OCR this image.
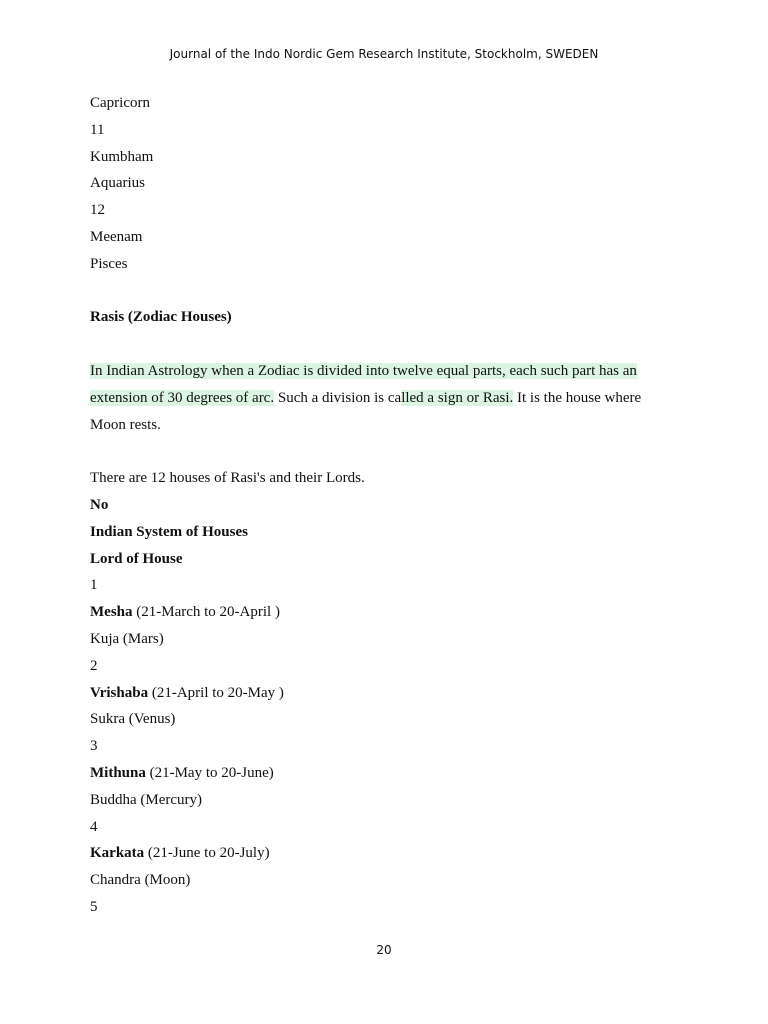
Journal of the Indo Nordic Gem Research Institute, Stockholm, SWEDEN
Capricorn
11
Kumbham
Aquarius
12
Meenam
Pisces
Rasis (Zodiac Houses)
In Indian Astrology when a Zodiac is divided into twelve equal parts, each such part has an extension of 30 degrees of arc. Such a division is called a sign or Rasi. It is the house where Moon rests.
There are 12 houses of Rasi's and their Lords.
No
Indian System of Houses
Lord of House
1
Mesha (21-March to 20-April )
Kuja (Mars)
2
Vrishaba (21-April to 20-May )
Sukra (Venus)
3
Mithuna (21-May to 20-June)
Buddha (Mercury)
4
Karkata (21-June to 20-July)
Chandra (Moon)
5
20
